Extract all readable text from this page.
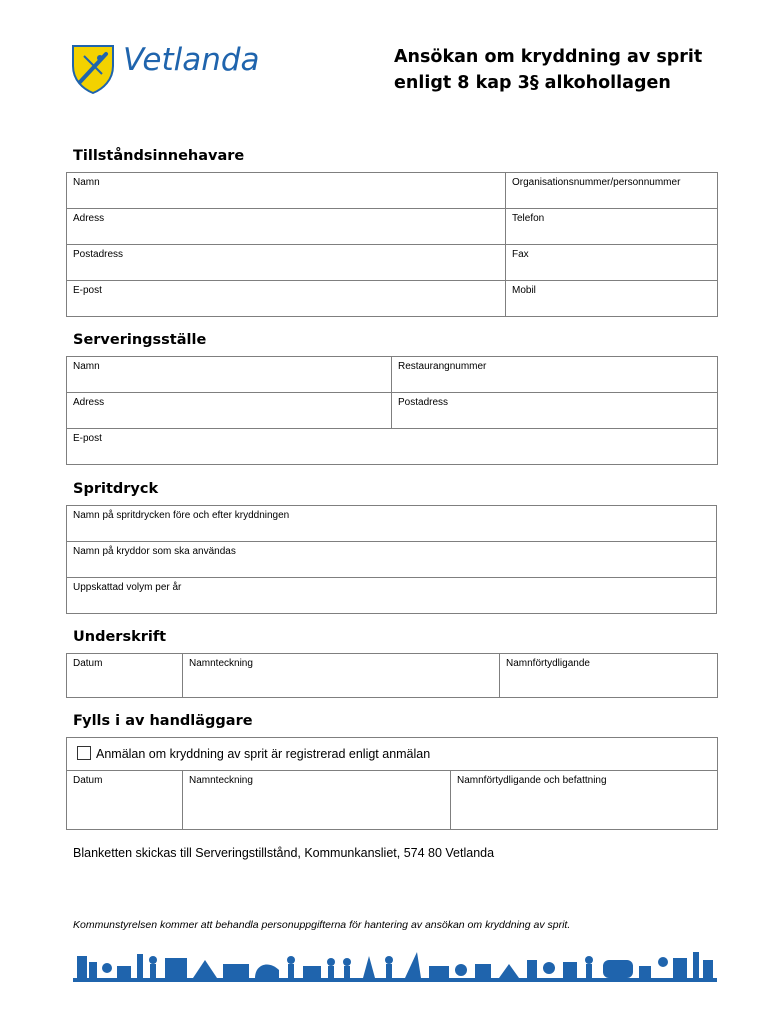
Vetlanda	Ansökan om kryddning av sprit
enligt 8 kap 3§ alkohollagen
Tillståndsinnehavare
Namn	Organisationsnummer/personnummer
Adress	Telefon
Postadress	Fax
E-post	Mobil
Serveringsställe
Namn	Restaurangnummer
Adress	Postadress
E-post	
Spritdryck
Namn på spritdrycken före och efter kryddningen
Namn på kryddor som ska användas
Uppskattad volym per år
Underskrift
Datum	Namnteckning	Namnförtydligande
Fylls i av handläggare
Anmälan om kryddning av sprit är registrerad enligt anmälan
Datum	Namnteckning	Namnförtydligande och befattning
Blanketten skickas till Serveringstillstånd, Kommunkansliet, 574 80 Vetlanda
Kommunstyrelsen kommer att behandla personuppgifterna för hantering av ansökan om kryddning av sprit.
